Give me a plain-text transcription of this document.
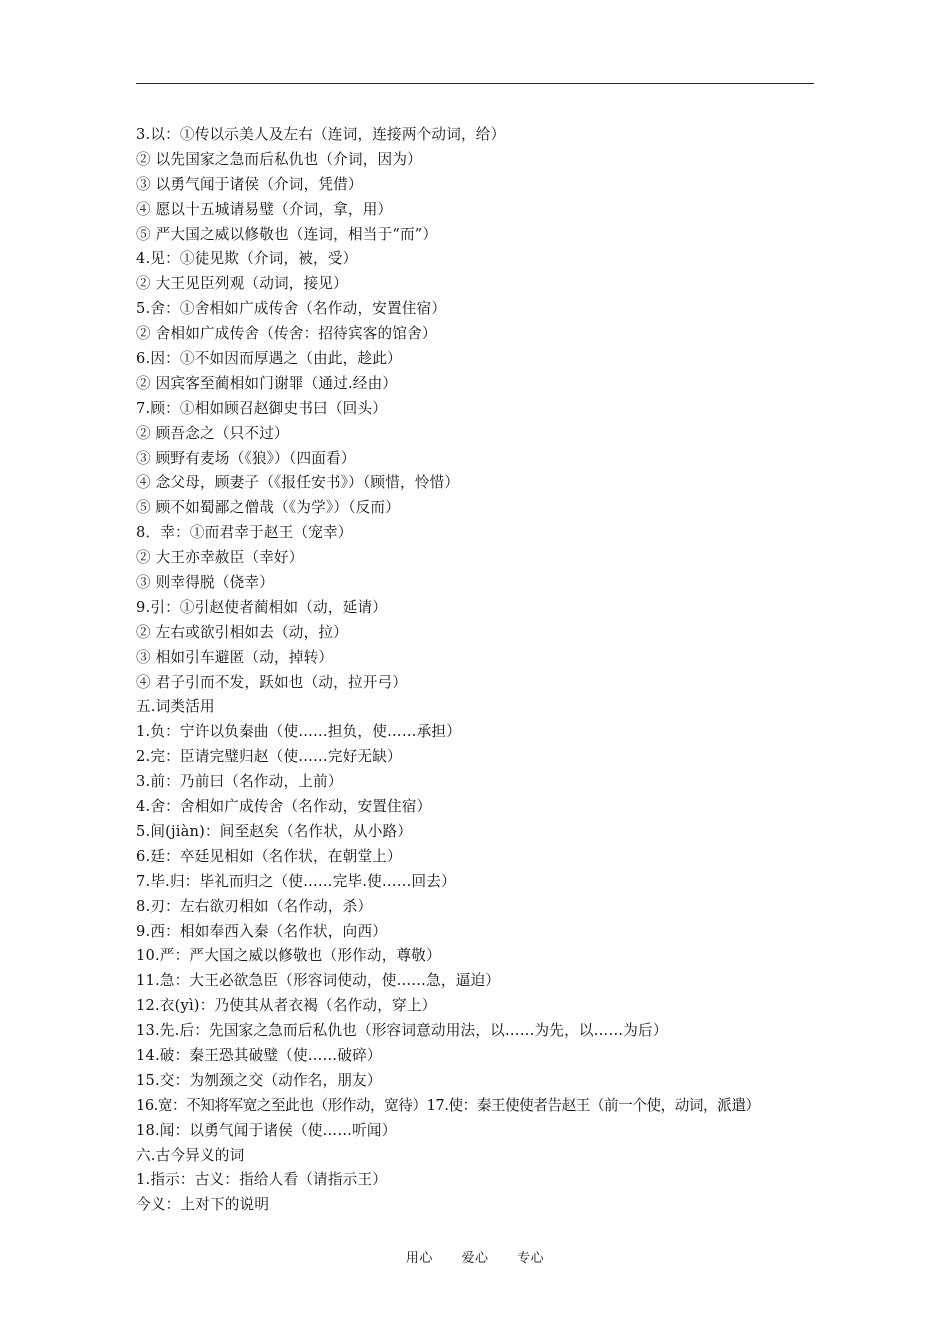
3.以：①传以示美人及左右（连词，连接两个动词，给）
② 以先国家之急而后私仇也（介词，因为）
③ 以勇气闻于诸侯（介词，凭借）
④ 愿以十五城请易璧（介词，拿，用）
⑤ 严大国之威以修敬也（连词，相当于“而”）
4.见：①徒见欺（介词，被，受）
② 大王见臣列观（动词，接见）
5.舍：①舍相如广成传舍（名作动，安置住宿）
② 舍相如广成传舍（传舍：招待宾客的馆舍）
6.因：①不如因而厚遇之（由此，趁此）
② 因宾客至蔺相如门谢罪（通过.经由）
7.顾：①相如顾召赵御史书曰（回头）
② 顾吾念之（只不过）
③ 顾野有麦场（《狼》）（四面看）
④ 念父母，顾妻子（《报任安书》）（顾惜，怜惜）
⑤ 顾不如蜀鄙之僧哉（《为学》）（反而）
8．幸：①而君幸于赵王（宠幸）
② 大王亦幸赦臣（幸好）
③ 则幸得脱（侥幸）
9.引：①引赵使者蔺相如（动，延请）
② 左右或欲引相如去（动，拉）
③ 相如引车避匿（动，掉转）
④ 君子引而不发，跃如也（动，拉开弓）
五.词类活用
1.负：宁许以负秦曲（使……担负，使……承担）
2.完：臣请完璧归赵（使……完好无缺）
3.前：乃前曰（名作动，上前）
4.舍：舍相如广成传舍（名作动，安置住宿）
5.间(jiàn)：间至赵矣（名作状，从小路）
6.廷：卒廷见相如（名作状，在朝堂上）
7.毕.归：毕礼而归之（使……完毕.使……回去）
8.刃：左右欲刃相如（名作动，杀）
9.西：相如奉西入秦（名作状，向西）
10.严：严大国之威以修敬也（形作动，尊敬）
11.急：大王必欲急臣（形容词使动，使……急，逼迫）
12.衣(yì)：乃使其从者衣褐（名作动，穿上）
13.先.后：先国家之急而后私仇也（形容词意动用法，以……为先，以……为后）
14.破：秦王恐其破璧（使……破碎）
15.交：为刎颈之交（动作名，朋友）
16.宽：不知将军宽之至此也（形作动，宽待）17.使：秦王使使者告赵王（前一个使，动词，派遣）
18.闻：以勇气闻于诸侯（使……听闻）
六.古今异义的词
1.指示：古义：指给人看（请指示王）
今义：上对下的说明
用心 爱心 专心
